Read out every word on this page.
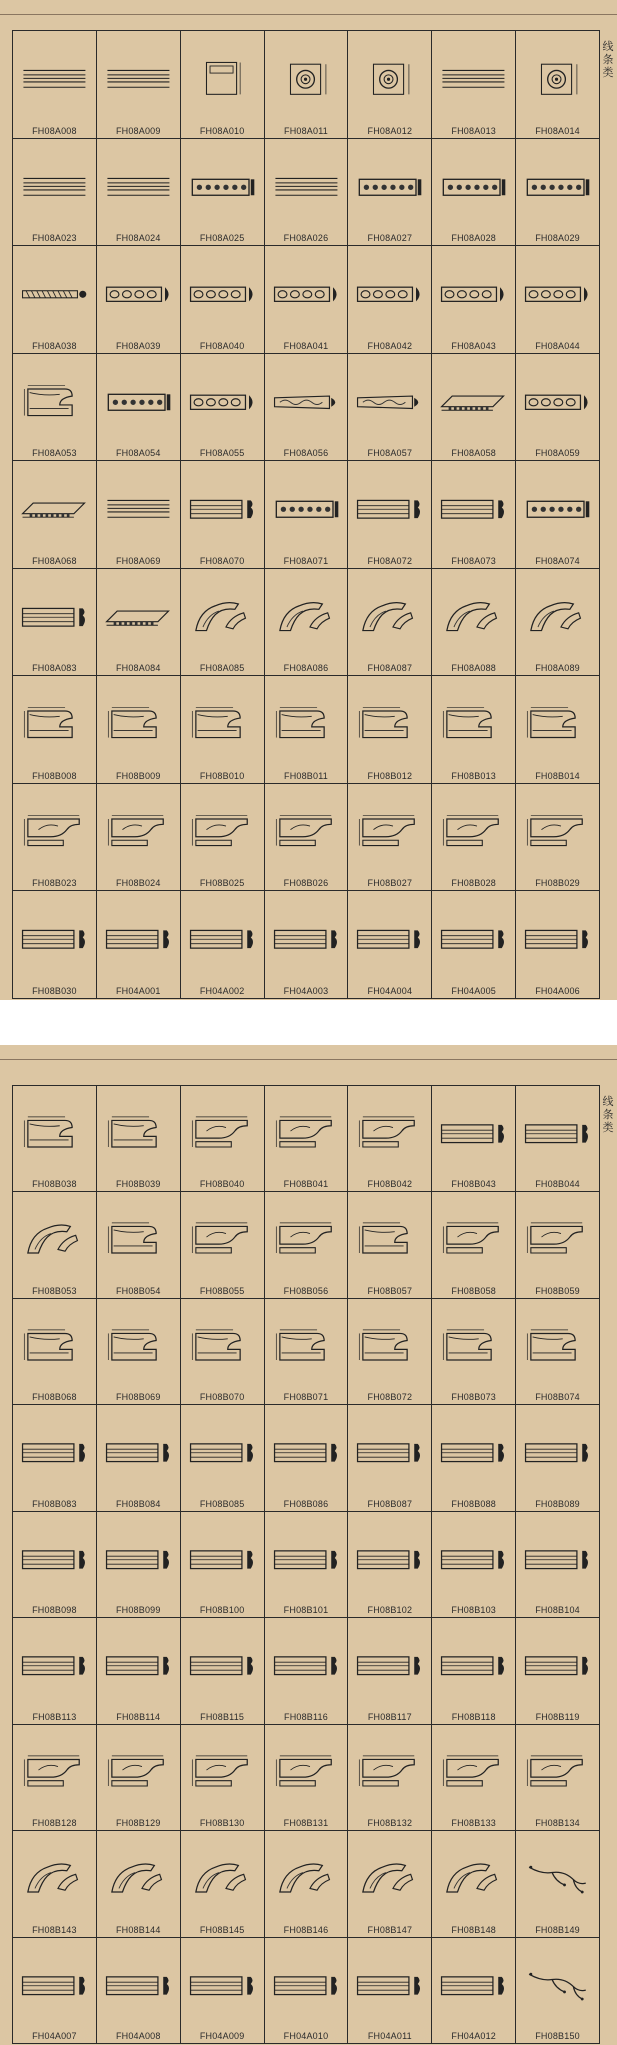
FH08A008	FH08A009	FH08A010	FH08A011	FH08A012	FH08A013	FH08A014
FH08A023	FH08A024	FH08A025	FH08A026	FH08A027	FH08A028	FH08A029
FH08A038	FH08A039	FH08A040	FH08A041	FH08A042	FH08A043	FH08A044
FH08A053	FH08A054	FH08A055	FH08A056	FH08A057	FH08A058	FH08A059
FH08A068	FH08A069	FH08A070	FH08A071	FH08A072	FH08A073	FH08A074
FH08A083	FH08A084	FH08A085	FH08A086	FH08A087	FH08A088	FH08A089
FH08B008	FH08B009	FH08B010	FH08B011	FH08B012	FH08B013	FH08B014
FH08B023	FH08B024	FH08B025	FH08B026	FH08B027	FH08B028	FH08B029
FH08B030	FH04A001	FH04A002	FH04A003	FH04A004	FH04A005	FH04A006
线
条
类
FH08B038	FH08B039	FH08B040	FH08B041	FH08B042	FH08B043	FH08B044
FH08B053	FH08B054	FH08B055	FH08B056	FH08B057	FH08B058	FH08B059
FH08B068	FH08B069	FH08B070	FH08B071	FH08B072	FH08B073	FH08B074
FH08B083	FH08B084	FH08B085	FH08B086	FH08B087	FH08B088	FH08B089
FH08B098	FH08B099	FH08B100	FH08B101	FH08B102	FH08B103	FH08B104
FH08B113	FH08B114	FH08B115	FH08B116	FH08B117	FH08B118	FH08B119
FH08B128	FH08B129	FH08B130	FH08B131	FH08B132	FH08B133	FH08B134
FH08B143	FH08B144	FH08B145	FH08B146	FH08B147	FH08B148	FH08B149
FH04A007	FH04A008	FH04A009	FH04A010	FH04A011	FH04A012	FH08B150
线
条
类
